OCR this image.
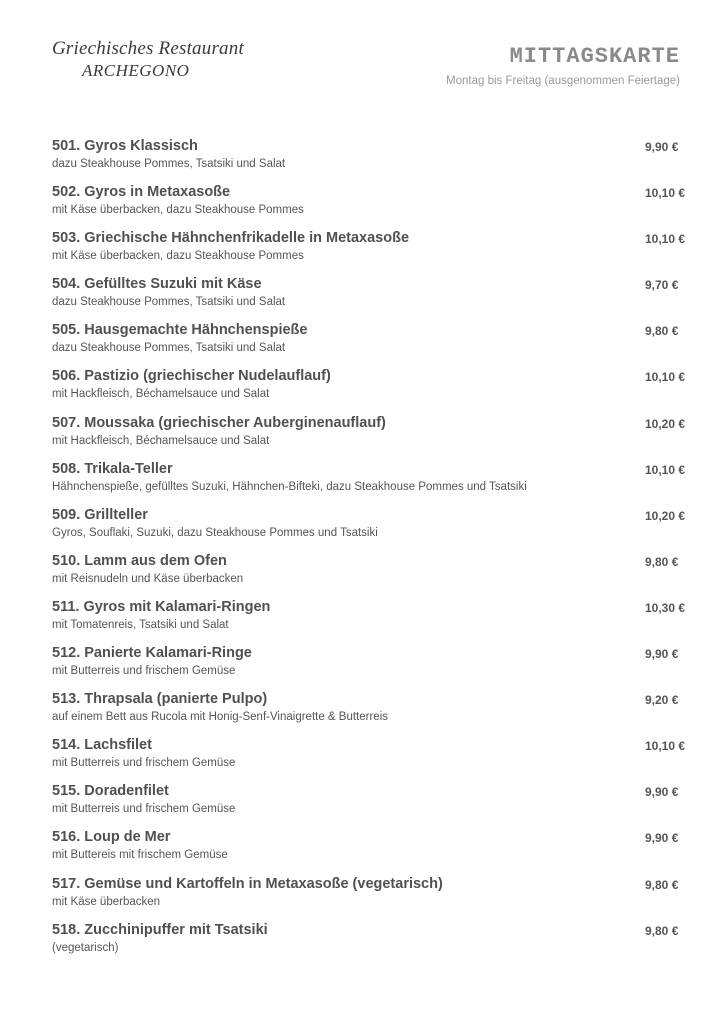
Griechisches Restaurant
ARCHEGONO
MITTAGSKARTE
Montag bis Freitag (ausgenommen Feiertage)
501. Gyros Klassisch
dazu Steakhouse Pommes, Tsatsiki und Salat
9,90 €
502. Gyros in Metaxasoße
mit Käse überbacken, dazu Steakhouse Pommes
10,10 €
503. Griechische Hähnchenfrikadelle in Metaxasoße
mit Käse überbacken, dazu Steakhouse Pommes
10,10 €
504. Gefülltes Suzuki mit Käse
dazu Steakhouse Pommes, Tsatsiki und Salat
9,70 €
505. Hausgemachte Hähnchenspieße
dazu Steakhouse Pommes, Tsatsiki und Salat
9,80 €
506. Pastizio (griechischer Nudelauflauf)
mit Hackfleisch, Béchamelsauce und Salat
10,10 €
507. Moussaka (griechischer Auberginenauflauf)
mit Hackfleisch, Béchamelsauce und Salat
10,20 €
508. Trikala-Teller
Hähnchenspieße, gefülltes Suzuki, Hähnchen-Bifteki, dazu Steakhouse Pommes und Tsatsiki
10,10 €
509. Grillteller
Gyros, Souflaki, Suzuki, dazu Steakhouse Pommes und Tsatsiki
10,20 €
510. Lamm aus dem Ofen
mit Reisnudeln und Käse überbacken
9,80 €
511. Gyros mit Kalamari-Ringen
mit Tomatenreis, Tsatsiki und Salat
10,30 €
512. Panierte Kalamari-Ringe
mit Butterreis und frischem Gemüse
9,90 €
513. Thrapsala (panierte Pulpo)
auf einem Bett aus Rucola mit Honig-Senf-Vinaigrette & Butterreis
9,20 €
514. Lachsfilet
mit Butterreis und frischem Gemüse
10,10 €
515. Doradenfilet
mit Butterreis und frischem Gemüse
9,90 €
516. Loup de Mer
mit Buttereis mit frischem Gemüse
9,90 €
517. Gemüse und Kartoffeln in Metaxasoße (vegetarisch)
mit Käse überbacken
9,80 €
518. Zucchinipuffer mit Tsatsiki
(vegetarisch)
9,80 €
